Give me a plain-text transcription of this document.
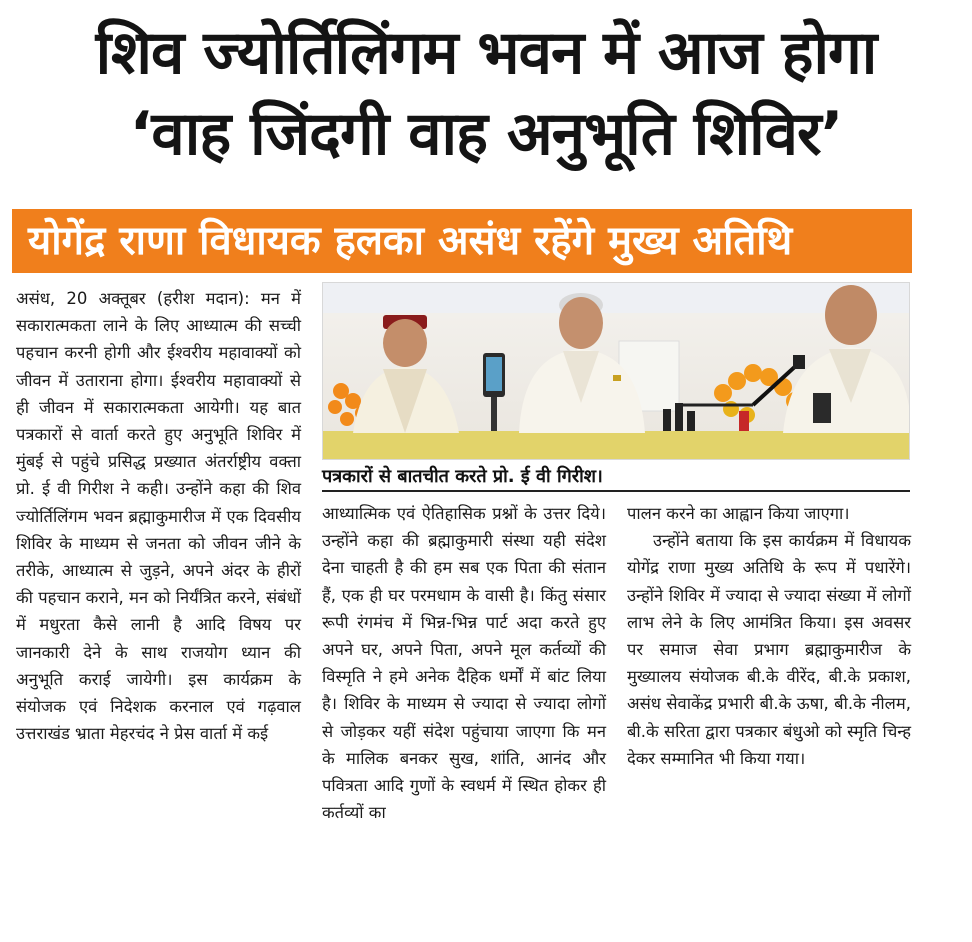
शिव ज्योर्तिलिंगम भवन में आज होगा
‘वाह जिंदगी वाह अनुभूति शिविर’
योगेंद्र राणा विधायक हलका असंध रहेंगे मुख्य अतिथि

असंध, 20 अक्तूबर (हरीश मदान): मन में सकारात्मकता लाने के लिए आध्यात्म की सच्ची पहचान करनी होगी और ईश्वरीय महावाक्यों को जीवन में उताराना होगा। ईश्वरीय महावाक्यों से ही जीवन में सकारात्मकता आयेगी। यह बात पत्रकारों से वार्ता करते हुए अनुभूति शिविर में मुंबई से पहुंचे प्रसिद्ध प्रख्यात अंतर्राष्ट्रीय वक्ता प्रो. ई वी गिरीश ने कही। उन्होंने कहा की शिव ज्योर्तिलिंगम भवन ब्रह्माकुमारीज में एक दिवसीय शिविर के माध्यम से जनता को जीवन जीने के तरीके, आध्यात्म से जुड़ने, अपने अंदर के हीरों की पहचान कराने, मन को निर्यंत्रित करने, संबंधों में मधुरता कैसे लानी है आदि विषय पर जानकारी देने के साथ राजयोग ध्यान की अनुभूति कराई जायेगी। इस कार्यक्रम के संयोजक एवं निदेशक करनाल एवं गढ़वाल उत्तराखंड भ्राता मेहरचंद ने प्रेस वार्ता में कई

पत्रकारों से बातचीत करते प्रो. ई वी गिरीश।

आध्यात्मिक एवं ऐतिहासिक प्रश्नों के उत्तर दिये। उन्होंने कहा की ब्रह्माकुमारी संस्था यही संदेश देना चाहती है की हम सब एक पिता की संतान हैं, एक ही घर परमधाम के वासी है। किंतु संसार रूपी रंगमंच में भिन्न-भिन्न पार्ट अदा करते हुए अपने घर, अपने पिता, अपने मूल कर्तव्यों की विस्मृति ने हमे अनेक दैहिक धर्मों में बांट लिया है। शिविर के माध्यम से ज्यादा से ज्यादा लोगों से जोड़कर यहीं संदेश पहुंचाया जाएगा कि मन के मालिक बनकर सुख, शांति, आनंद और पवित्रता आदि गुणों के स्वधर्म में स्थित होकर ही कर्तव्यों का

पालन करने का आह्वान किया जाएगा।

उन्होंने बताया कि इस कार्यक्रम में विधायक योगेंद्र राणा मुख्य अतिथि के रूप में पधारेंगे। उन्होंने शिविर में ज्यादा से ज्यादा संख्या में लोगों लाभ लेने के लिए आमंत्रित किया। इस अवसर पर समाज सेवा प्रभाग ब्रह्माकुमारीज के मुख्यालय संयोजक बी.के वीरेंद, बी.के प्रकाश, असंध सेवाकेंद्र प्रभारी बी.के ऊषा, बी.के नीलम, बी.के सरिता द्वारा पत्रकार बंधुओ को स्मृति चिन्ह देकर सम्मानित भी किया गया।
